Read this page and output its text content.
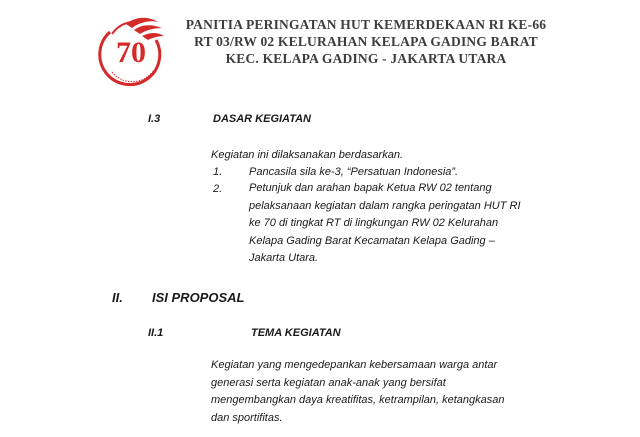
70
PANITIA PERINGATAN HUT KEMERDEKAAN RI KE-66
RT 03/RW 02 KELURAHAN KELAPA GADING BARAT
KEC. KELAPA GADING - JAKARTA UTARA
I.3	DASAR KEGIATAN
Kegiatan ini dilaksanakan berdasarkan.
1. Pancasila sila ke-3, “Persatuan Indonesia”.
2. Petunjuk dan arahan bapak Ketua RW 02 tentang
pelaksanaan kegiatan dalam rangka peringatan HUT RI
ke 70 di tingkat RT di lingkungan RW 02 Kelurahan
Kelapa Gading Barat Kecamatan Kelapa Gading –
Jakarta Utara.
II. ISI PROPOSAL
II.1	TEMA KEGIATAN
Kegiatan yang mengedepankan kebersamaan warga antar
generasi serta kegiatan anak-anak yang bersifat
mengembangkan daya kreatifitas, ketrampilan, ketangkasan
dan sportifitas.
